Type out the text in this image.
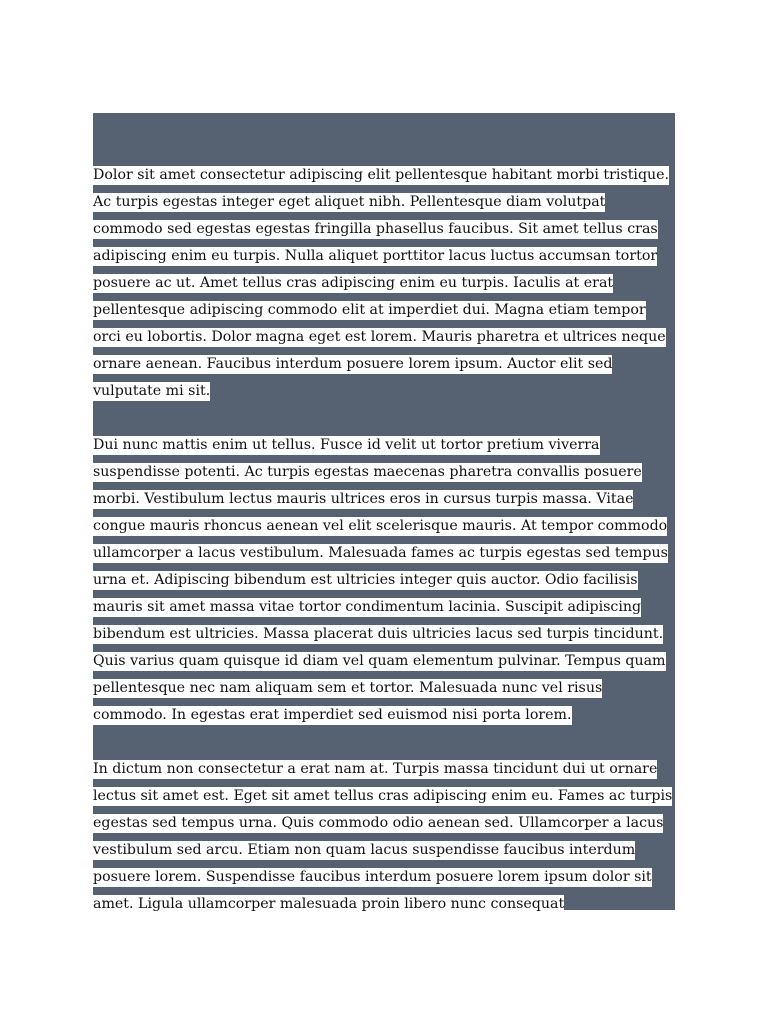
Dolor sit amet consectetur adipiscing elit pellentesque habitant morbi tristique. Ac turpis egestas integer eget aliquet nibh. Pellentesque diam volutpat commodo sed egestas egestas fringilla phasellus faucibus. Sit amet tellus cras adipiscing enim eu turpis. Nulla aliquet porttitor lacus luctus accumsan tortor posuere ac ut. Amet tellus cras adipiscing enim eu turpis. Iaculis at erat pellentesque adipiscing commodo elit at imperdiet dui. Magna etiam tempor orci eu lobortis. Dolor magna eget est lorem. Mauris pharetra et ultrices neque ornare aenean. Faucibus interdum posuere lorem ipsum. Auctor elit sed vulputate mi sit.

Dui nunc mattis enim ut tellus. Fusce id velit ut tortor pretium viverra suspendisse potenti. Ac turpis egestas maecenas pharetra convallis posuere morbi. Vestibulum lectus mauris ultrices eros in cursus turpis massa. Vitae congue mauris rhoncus aenean vel elit scelerisque mauris. At tempor commodo ullamcorper a lacus vestibulum. Malesuada fames ac turpis egestas sed tempus urna et. Adipiscing bibendum est ultricies integer quis auctor. Odio facilisis mauris sit amet massa vitae tortor condimentum lacinia. Suscipit adipiscing bibendum est ultricies. Massa placerat duis ultricies lacus sed turpis tincidunt. Quis varius quam quisque id diam vel quam elementum pulvinar. Tempus quam pellentesque nec nam aliquam sem et tortor. Malesuada nunc vel risus commodo. In egestas erat imperdiet sed euismod nisi porta lorem.

In dictum non consectetur a erat nam at. Turpis massa tincidunt dui ut ornare lectus sit amet est. Eget sit amet tellus cras adipiscing enim eu. Fames ac turpis egestas sed tempus urna. Quis commodo odio aenean sed. Ullamcorper a lacus vestibulum sed arcu. Etiam non quam lacus suspendisse faucibus interdum posuere lorem. Suspendisse faucibus interdum posuere lorem ipsum dolor sit amet. Ligula ullamcorper malesuada proin libero nunc consequat
